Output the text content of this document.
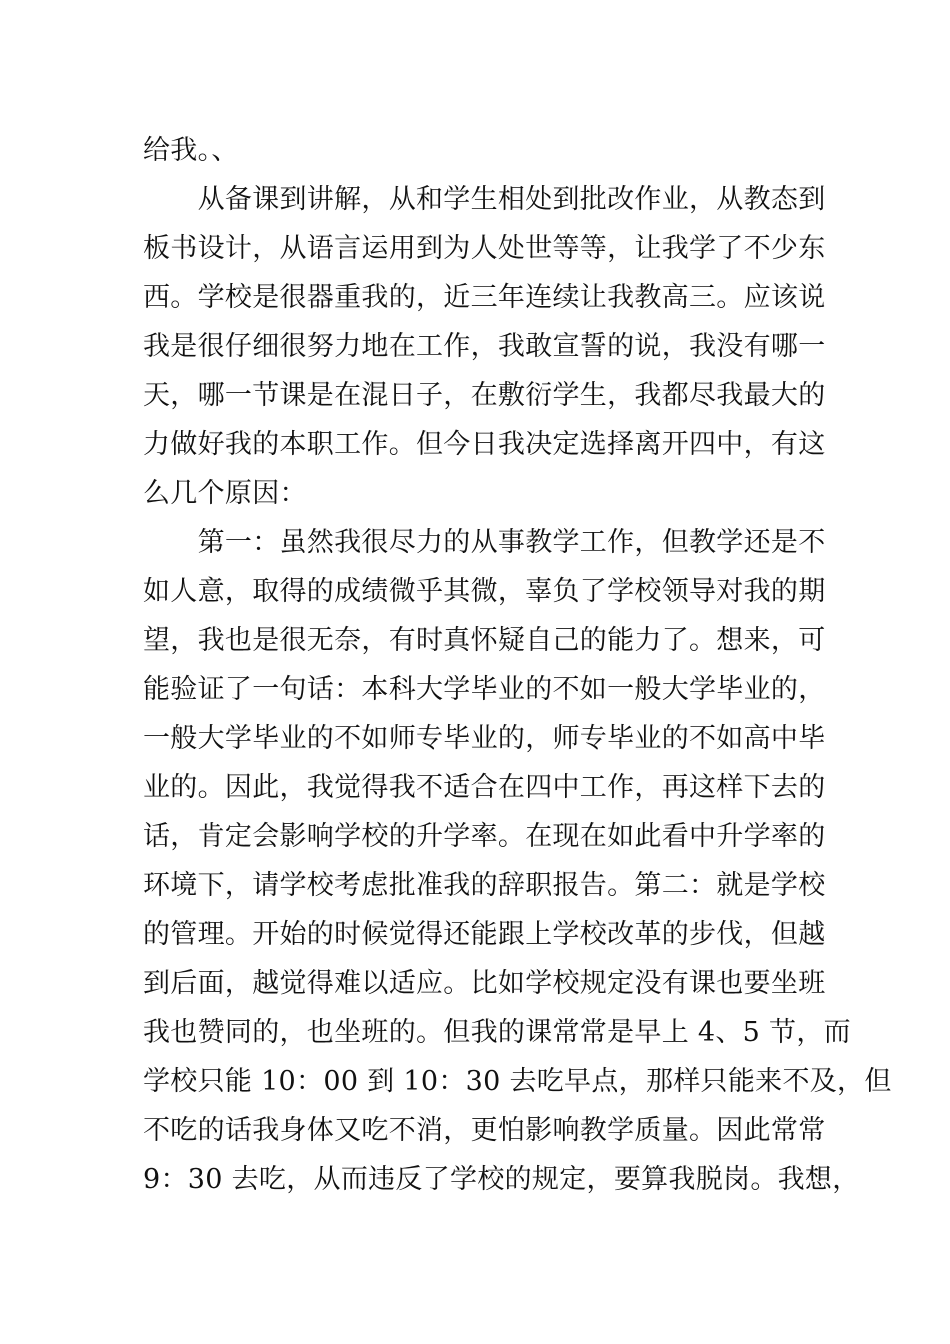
给我。、
　　从备课到讲解，从和学生相处到批改作业，从教态到
板书设计，从语言运用到为人处世等等，让我学了不少东
西。学校是很器重我的，近三年连续让我教高三。应该说
我是很仔细很努力地在工作，我敢宣誓的说，我没有哪一
天，哪一节课是在混日子，在敷衍学生，我都尽我最大的
力做好我的本职工作。但今日我决定选择离开四中，有这
么几个原因：
　　第一：虽然我很尽力的从事教学工作，但教学还是不
如人意，取得的成绩微乎其微，辜负了学校领导对我的期
望，我也是很无奈，有时真怀疑自己的能力了。想来，可
能验证了一句话：本科大学毕业的不如一般大学毕业的，
一般大学毕业的不如师专毕业的，师专毕业的不如高中毕
业的。因此，我觉得我不适合在四中工作，再这样下去的
话，肯定会影响学校的升学率。在现在如此看中升学率的
环境下，请学校考虑批准我的辞职报告。第二：就是学校
的管理。开始的时候觉得还能跟上学校改革的步伐，但越
到后面，越觉得难以适应。比如学校规定没有课也要坐班
我也赞同的，也坐班的。但我的课常常是早上 4、5 节，而
学校只能 10：00 到 10：30 去吃早点，那样只能来不及，但
不吃的话我身体又吃不消，更怕影响教学质量。因此常常
9：30 去吃，从而违反了学校的规定，要算我脱岗。我想，
